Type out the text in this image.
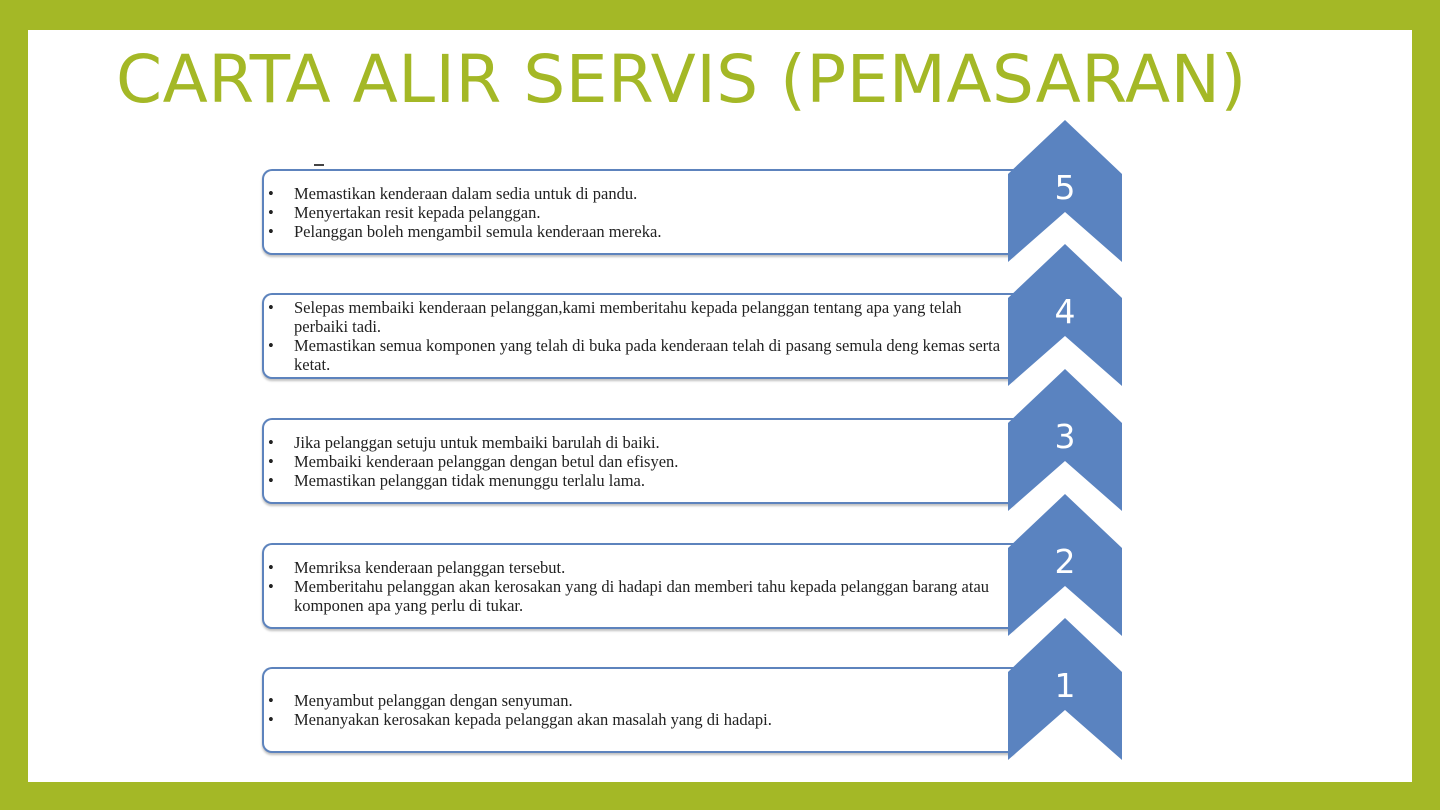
CARTA ALIR SERVIS (PEMASARAN)
• Memastikan kenderaan dalam sedia untuk di pandu.
• Menyertakan resit kepada pelanggan.
• Pelanggan boleh mengambil semula kenderaan mereka.
5
• Selepas membaiki kenderaan pelanggan,kami memberitahu kepada pelanggan tentang apa yang telah perbaiki tadi.
• Memastikan semua komponen yang telah di buka pada kenderaan telah di pasang semula deng kemas serta ketat.
4
• Jika pelanggan setuju untuk membaiki barulah di baiki.
• Membaiki kenderaan pelanggan dengan betul dan efisyen.
• Memastikan pelanggan tidak menunggu terlalu lama.
3
• Memriksa kenderaan pelanggan tersebut.
• Memberitahu pelanggan akan kerosakan yang di hadapi dan memberi tahu kepada pelanggan barang atau komponen apa yang perlu di tukar.
2
• Menyambut pelanggan dengan senyuman.
• Menanyakan kerosakan kepada pelanggan akan masalah yang di hadapi.
1
